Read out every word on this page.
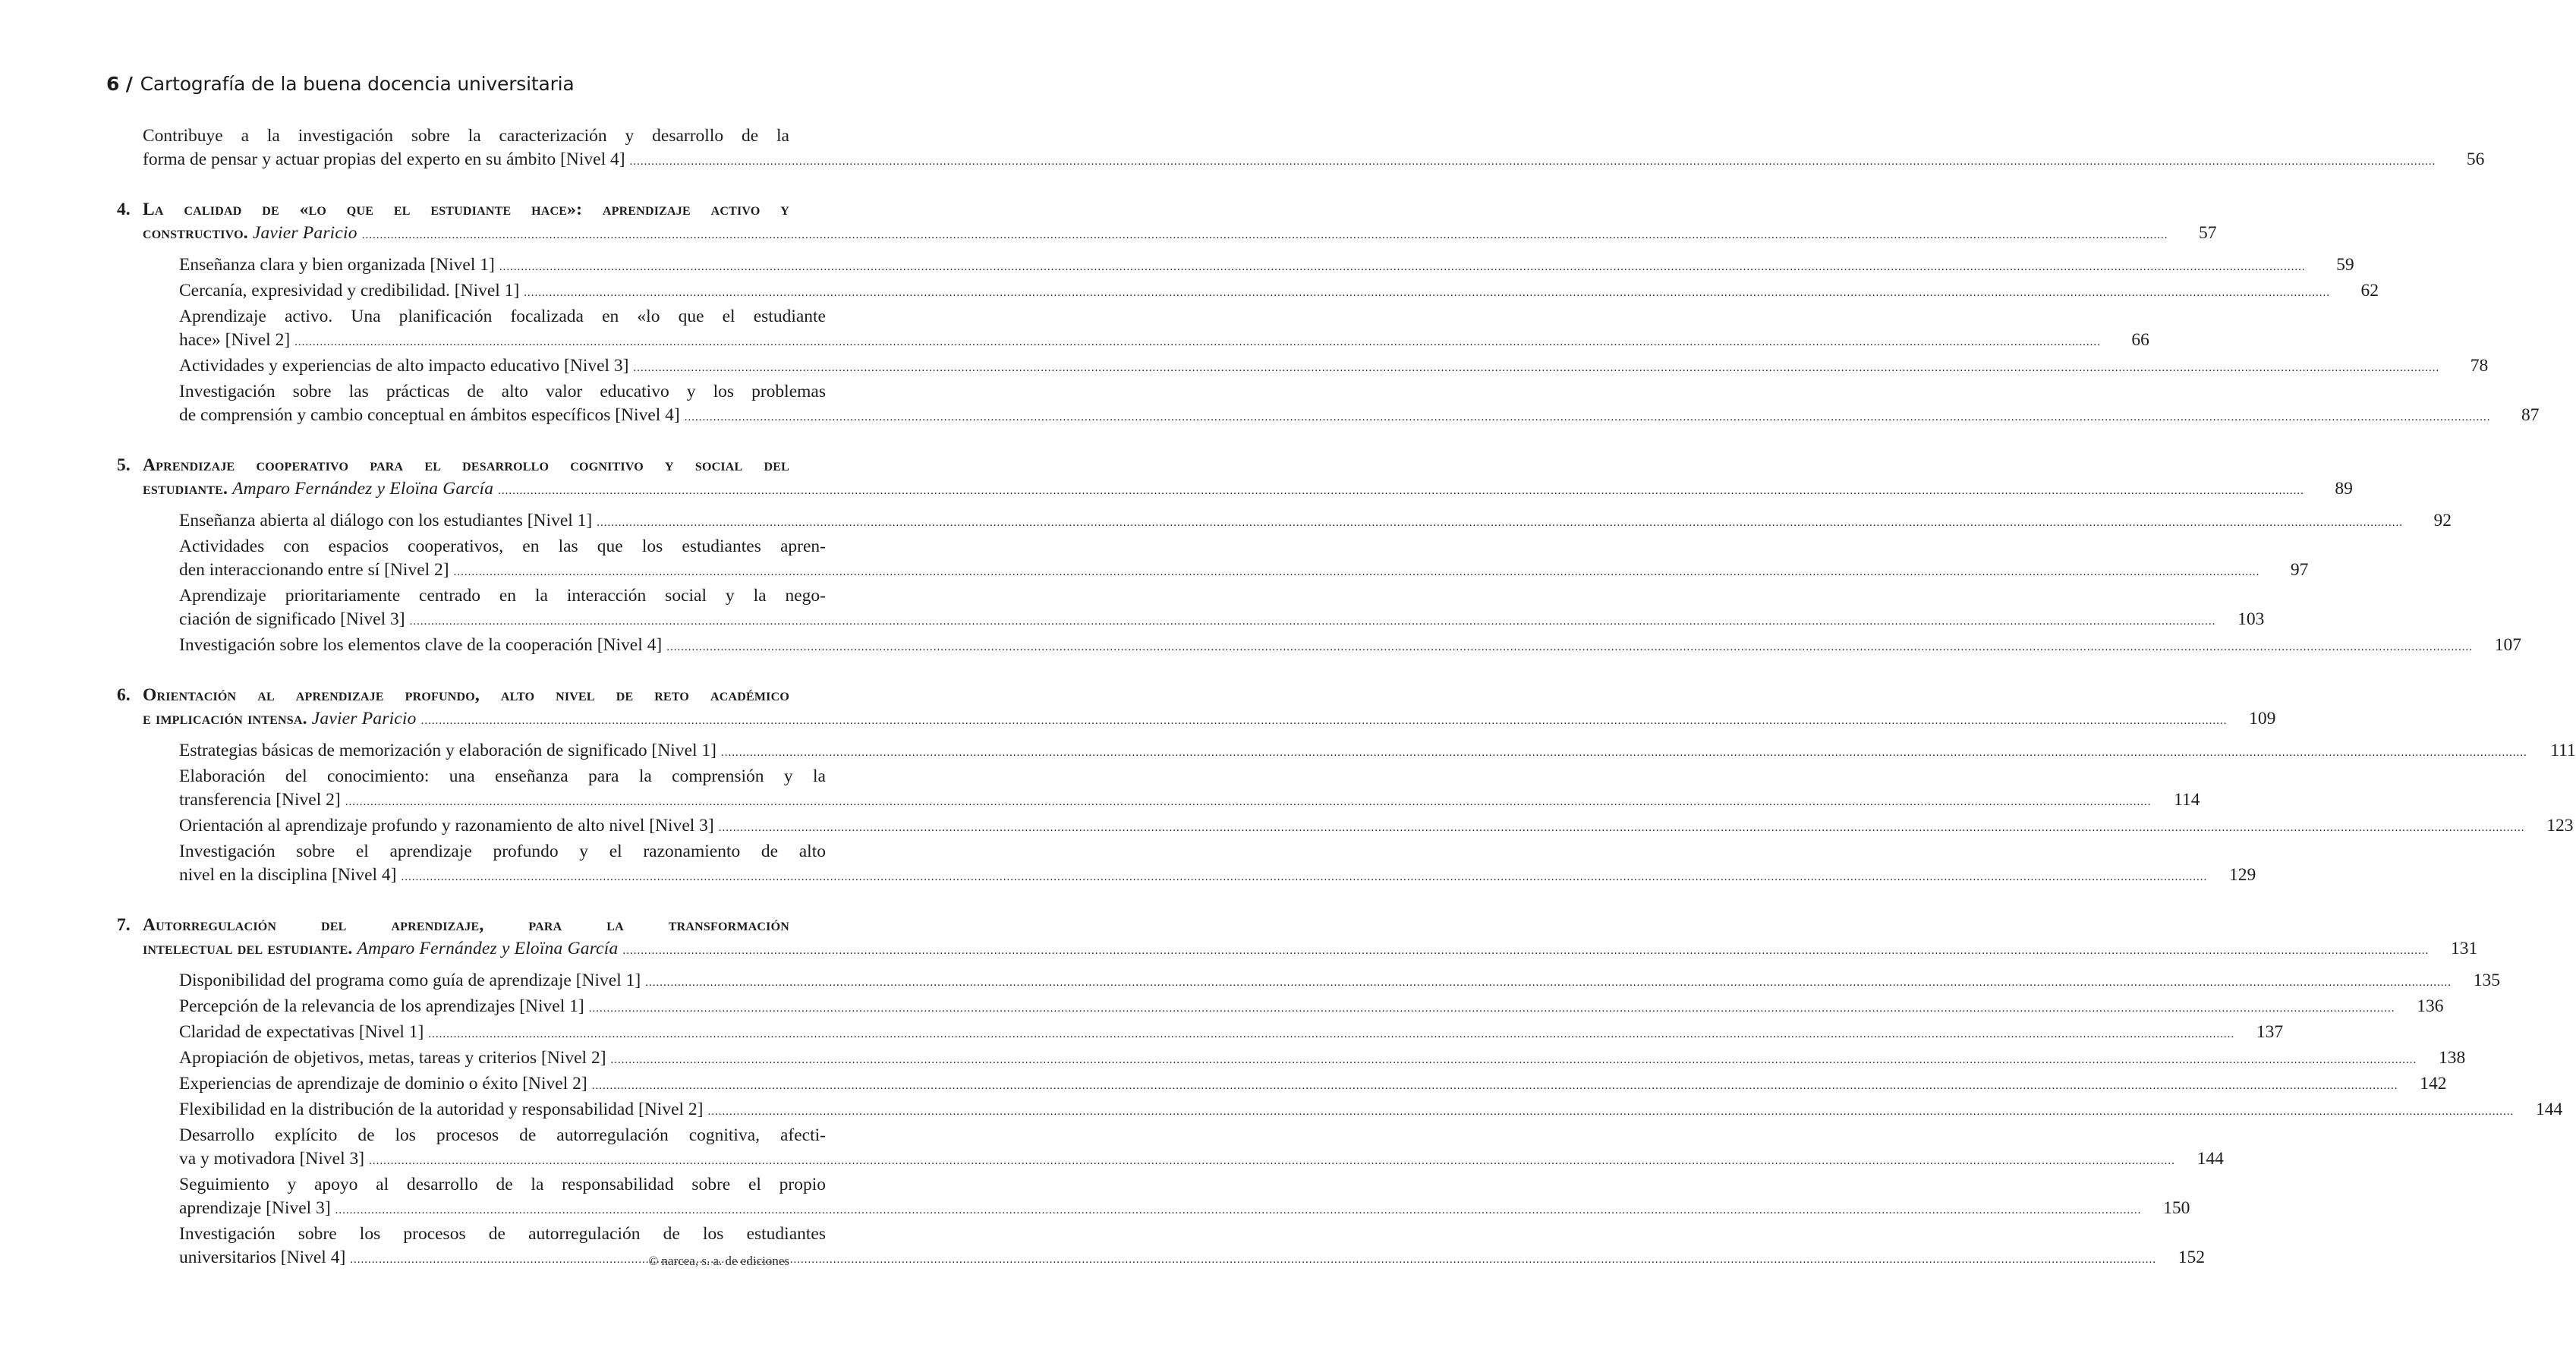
6 / Cartografía de la buena docencia universitaria
Contribuye a la investigación sobre la caracterización y desarrollo de la
forma de pensar y actuar propias del experto en su ámbito [Nivel 4] .....	56
4. La calidad de «lo que el estudiante hace»: aprendizaje activo y
constructivo. Javier Paricio .....	57
Enseñanza clara y bien organizada [Nivel 1] .....	59
Cercanía, expresividad y credibilidad. [Nivel 1] .....	62
Aprendizaje activo. Una planificación focalizada en «lo que el estudiante
hace» [Nivel 2] .....	66
Actividades y experiencias de alto impacto educativo [Nivel 3] .....	78
Investigación sobre las prácticas de alto valor educativo y los problemas
de comprensión y cambio conceptual en ámbitos específicos [Nivel 4] .....	87
5. Aprendizaje cooperativo para el desarrollo cognitivo y social del
estudiante. Amparo Fernández y Eloïna García .....	89
Enseñanza abierta al diálogo con los estudiantes [Nivel 1] .....	92
Actividades con espacios cooperativos, en las que los estudiantes apren-
den interaccionando entre sí [Nivel 2] .....	97
Aprendizaje prioritariamente centrado en la interacción social y la nego-
ciación de significado [Nivel 3] .....	103
Investigación sobre los elementos clave de la cooperación [Nivel 4] .....	107
6. Orientación al aprendizaje profundo, alto nivel de reto académico
e implicación intensa. Javier Paricio .....	109
Estrategias básicas de memorización y elaboración de significado [Nivel 1] .....	111
Elaboración del conocimiento: una enseñanza para la comprensión y la
transferencia [Nivel 2] .....	114
Orientación al aprendizaje profundo y razonamiento de alto nivel [Nivel 3] .....	123
Investigación sobre el aprendizaje profundo y el razonamiento de alto
nivel en la disciplina [Nivel 4] .....	129
7. Autorregulación del aprendizaje, para la transformación
intelectual del estudiante. Amparo Fernández y Eloïna García .....	131
Disponibilidad del programa como guía de aprendizaje [Nivel 1] .....	135
Percepción de la relevancia de los aprendizajes [Nivel 1] .....	136
Claridad de expectativas [Nivel 1] .....	137
Apropiación de objetivos, metas, tareas y criterios [Nivel 2] .....	138
Experiencias de aprendizaje de dominio o éxito [Nivel 2] .....	142
Flexibilidad en la distribución de la autoridad y responsabilidad [Nivel 2] .....	144
Desarrollo explícito de los procesos de autorregulación cognitiva, afecti-
va y motivadora [Nivel 3] .....	144
Seguimiento y apoyo al desarrollo de la responsabilidad sobre el propio
aprendizaje [Nivel 3] .....	150
Investigación sobre los procesos de autorregulación de los estudiantes
universitarios [Nivel 4] .....	152
© narcea, s. a. de ediciones
